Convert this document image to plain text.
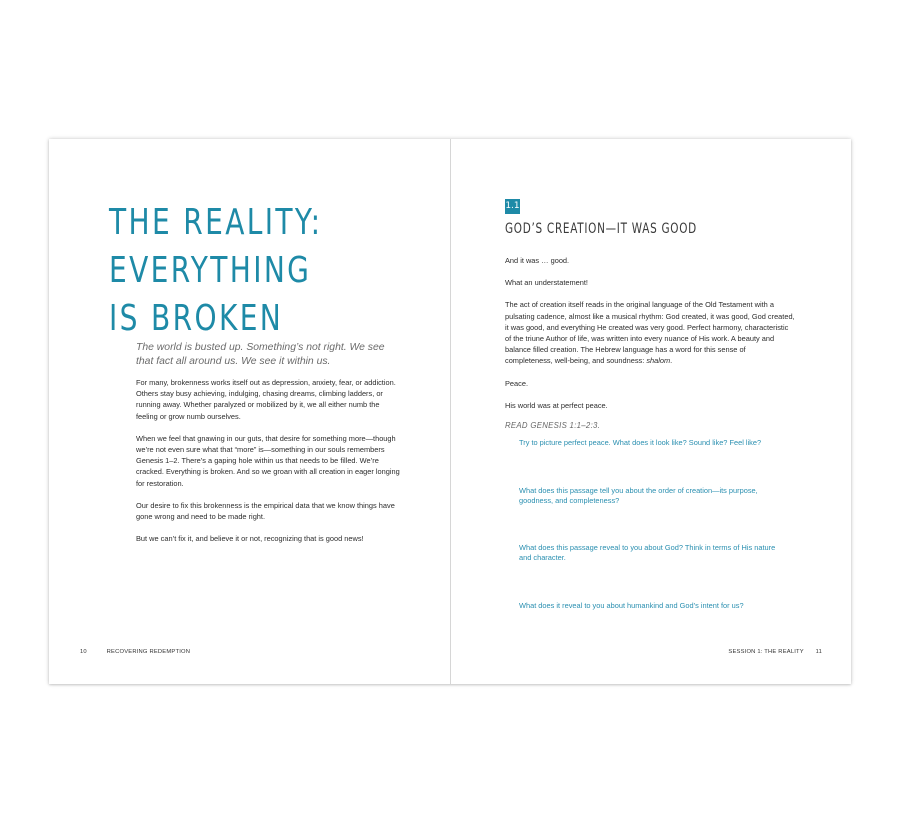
THE REALITY:
EVERYTHING
IS BROKEN

The world is busted up. Something’s not right. We see that fact all around us. We see it within us.

For many, brokenness works itself out as depression, anxiety, fear, or addiction. Others stay busy achieving, indulging, chasing dreams, climbing ladders, or running away. Whether paralyzed or mobilized by it, we all either numb the feeling or grow numb ourselves.

When we feel that gnawing in our guts, that desire for something more—though we’re not even sure what that “more” is—something in our souls remembers Genesis 1–2. There’s a gaping hole within us that needs to be filled. We’re cracked. Everything is broken. And so we groan with all creation in eager longing for restoration.

Our desire to fix this brokenness is the empirical data that we know things have gone wrong and need to be made right.

But we can’t fix it, and believe it or not, recognizing that is good news!

10	RECOVERING REDEMPTION
1.1
GOD’S CREATION—IT WAS GOOD

And it was … good.

What an understatement!

The act of creation itself reads in the original language of the Old Testament with a pulsating cadence, almost like a musical rhythm: God created, it was good, God created, it was good, and everything He created was very good. Perfect harmony, characteristic of the triune Author of life, was written into every nuance of His work. A beauty and balance filled creation. The Hebrew language has a word for this sense of completeness, well-being, and soundness: shalom.

Peace.

His world was at perfect peace.

READ GENESIS 1:1–2:3.

Try to picture perfect peace. What does it look like? Sound like? Feel like?

What does this passage tell you about the order of creation—its purpose, goodness, and completeness?

What does this passage reveal to you about God? Think in terms of His nature and character.

What does it reveal to you about humankind and God’s intent for us?

SESSION 1: THE REALITY 11
